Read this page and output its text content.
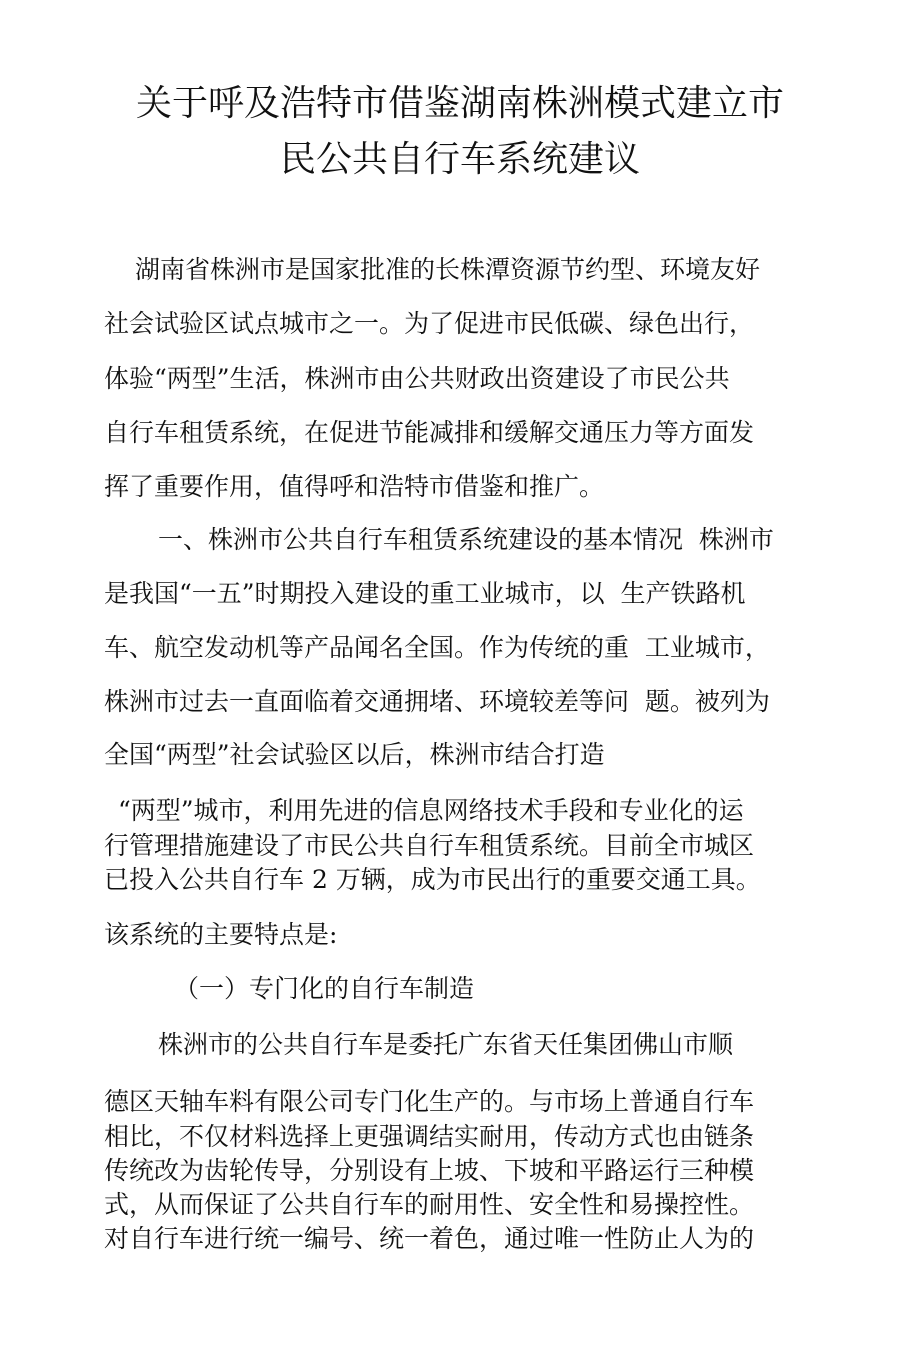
关于呼及浩特市借鉴湖南株洲模式建立市
民公共自行车系统建议
湖南省株洲市是国家批准的长株潭资源节约型、环境友好
社会试验区试点城市之一。为了促进市民低碳、绿色出行，
体验“两型”生活，株洲市由公共财政出资建设了市民公共
自行车租赁系统，在促进节能减排和缓解交通压力等方面发
挥了重要作用，值得呼和浩特市借鉴和推广。
一、株洲市公共自行车租赁系统建设的基本情况  株洲市
是我国“一五”时期投入建设的重工业城市，以  生产铁路机
车、航空发动机等产品闻名全国。作为传统的重  工业城市，
株洲市过去一直面临着交通拥堵、环境较差等问  题。被列为
全国“两型”社会试验区以后，株洲市结合打造
“两型”城市，利用先进的信息网络技术手段和专业化的运
行管理措施建设了市民公共自行车租赁系统。目前全市城区
已投入公共自行车 2 万辆，成为市民出行的重要交通工具。
该系统的主要特点是:
（一）专门化的自行车制造
株洲市的公共自行车是委托广东省天任集团佛山市顺
德区天轴车料有限公司专门化生产的。与市场上普通自行车
相比，不仅材料选择上更强调结实耐用，传动方式也由链条
传统改为齿轮传导，分别设有上坡、下坡和平路运行三种模
式，从而保证了公共自行车的耐用性、安全性和易操控性。
对自行车进行统一编号、统一着色，通过唯一性防止人为的
